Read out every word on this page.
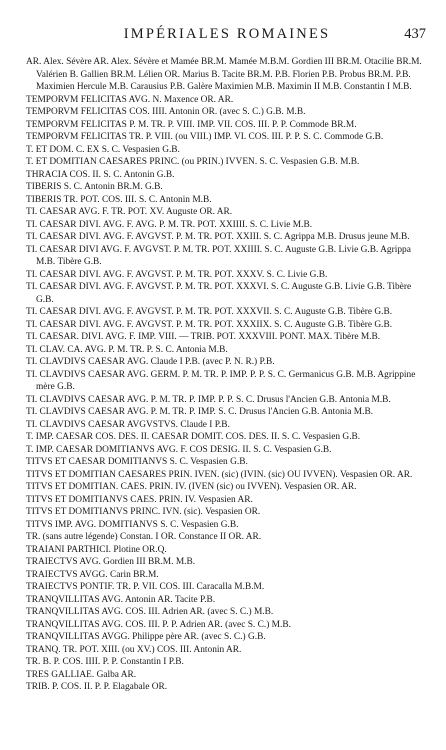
IMPÉRIALES ROMAINES	437
AR. Alex. Sévère AR. Alex. Sévère et Mamée BR.M. Mamée M.B.M. Gordien III BR.M. Otacilie BR.M. Valérien B. Gallien BR.M. Lélien OR. Marius B. Tacite BR.M. P.B. Florien P.B. Probus BR.M. P.B. Maximien Hercule M.B. Carausius P.B. Galère Maximien M.B. Maximin II M.B. Constantin I M.B.
TEMPORVM FELICITAS AVG. N. Maxence OR. AR.
TEMPORVM FELICITAS COS. IIII. Antonin OR. (avec S. C.) G.B. M.B.
TEMPORVM FELICITAS P. M. TR. P. VIII. IMP. VII. COS. III. P. P. Commode BR.M.
TEMPORVM FELICITAS TR. P. VIII. (ou VIII.) IMP. VI. COS. III. P. P. S. C. Commode G.B.
T. ET DOM. C. EX S. C. Vespasien G.B.
T. ET DOMITIAN CAESARES PRINC. (ou PRIN.) IVVEN. S. C. Vespasien G.B. M.B.
THRACIA COS. II. S. C. Antonin G.B.
TIBERIS S. C. Antonin BR.M. G.B.
TIBERIS TR. POT. COS. III. S. C. Antonin M.B.
TI. CAESAR AVG. F. TR. POT. XV. Auguste OR. AR.
TI. CAESAR DIVI. AVG. F. AVG. P. M. TR. POT. XXIIII. S. C. Livie M.B.
TI. CAESAR DIVI. AVG. F. AVGVST. P. M. TR. POT. XXIII. S. C. Agrippa M.B. Drusus jeune M.B.
TI. CAESAR DIVI AVG. F. AVGVST. P. M. TR. POT. XXIIII. S. C. Auguste G.B. Livie G.B. Agrippa M.B. Tibère G.B.
TI. CAESAR DIVI. AVG. F. AVGVST. P. M. TR. POT. XXXV. S. C. Livie G.B.
TI. CAESAR DIVI. AVG. F. AVGVST. P. M. TR. POT. XXXVI. S. C. Auguste G.B. Livie G.B. Tibère G.B.
TI. CAESAR DIVI. AVG. F. AVGVST. P. M. TR. POT. XXXVII. S. C. Auguste G.B. Tibère G.B.
TI. CAESAR DIVI. AVG. F. AVGVST. P. M. TR. POT. XXXIIX. S. C. Auguste G.B. Tibère G.B.
TI. CAESAR. DIVI. AVG. F. IMP. VIII. — TRIB. POT. XXXVIII. PONT. MAX. Tibère M.B.
TI. CLAV. CA. AVG. P. M. TR. P. S. C. Antonia M.B.
TI. CLAVDIVS CAESAR AVG. Claude I P.B. (avec P. N. R.) P.B.
TI. CLAVDIVS CAESAR AVG. GERM. P. M. TR. P. IMP. P. P. S. C. Germanicus G.B. M.B. Agrippine mère G.B.
TI. CLAVDIVS CAESAR AVG. P. M. TR. P. IMP. P. P. S. C. Drusus l'Ancien G.B. Antonia M.B.
TI. CLAVDIVS CAESAR AVG. P. M. TR. P. IMP. S. C. Drusus l'Ancien G.B. Antonia M.B.
TI. CLAVDIVS CAESAR AVGVSTVS. Claude I P.B.
T. IMP. CAESAR COS. DES. II. CAESAR DOMIT. COS. DES. II. S. C. Vespasien G.B.
T. IMP. CAESAR DOMITIANVS AVG. F. COS DESIG. II. S. C. Vespasien G.B.
TITVS ET CAESAR DOMITIANVS S. C. Vespasien G.B.
TITVS ET DOMITIAN CAESARES PRIN. IVEN. (sic) (IVIN. (sic) OU IVVEN). Vespasien OR. AR.
TITVS ET DOMITIAN. CAES. PRIN. IV. (IVEN (sic) ou IVVEN). Vespasien OR. AR.
TITVS ET DOMITIANVS CAES. PRIN. IV. Vespasien AR.
TITVS ET DOMITIANVS PRINC. IVN. (sic). Vespasien OR.
TITVS IMP. AVG. DOMITIANVS S. C. Vespasien G.B.
TR. (sans autre légende) Constan. I OR. Constance II OR. AR.
TRAIANI PARTHICI. Plotine OR.Q.
TRAIECTVS AVG. Gordien III BR.M. M.B.
TRAIECTVS AVGG. Carin BR.M.
TRAIECTVS PONTIF. TR. P. VII. COS. III. Caracalla M.B.M.
TRANQVILLITAS AVG. Antonin AR. Tacite P.B.
TRANQVILLITAS AVG. COS. III. Adrien AR. (avec S. C.) M.B.
TRANQVILLITAS AVG. COS. III. P. P. Adrien AR. (avec S. C.) M.B.
TRANQVILLITAS AVGG. Philippe père AR. (avec S. C.) G.B.
TRANQ. TR. POT. XIII. (ou XV.) COS. III. Antonin AR.
TR. B. P. COS. IIII. P. P. Constantin I P.B.
TRES GALLIAE. Galba AR.
TRIB. P. COS. II. P. P. Elagabale OR.
